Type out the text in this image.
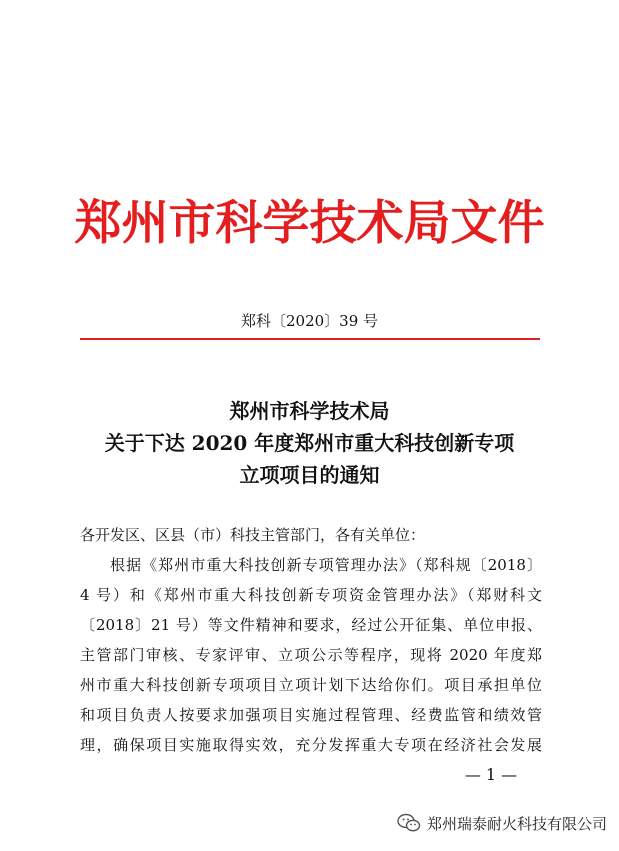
郑州市科学技术局文件
郑科〔2020〕39 号
郑州市科学技术局
关于下达 2020 年度郑州市重大科技创新专项
立项项目的通知
各开发区、区县（市）科技主管部门，各有关单位：
根据《郑州市重大科技创新专项管理办法》（郑科规〔2018〕
4 号）和《郑州市重大科技创新专项资金管理办法》（郑财科文
〔2018〕21 号）等文件精神和要求，经过公开征集、单位申报、
主管部门审核、专家评审、立项公示等程序，现将 2020 年度郑
州市重大科技创新专项项目立项计划下达给你们。项目承担单位
和项目负责人按要求加强项目实施过程管理、经费监管和绩效管
理，确保项目实施取得实效，充分发挥重大专项在经济社会发展
— 1 —
郑州瑞泰耐火科技有限公司
